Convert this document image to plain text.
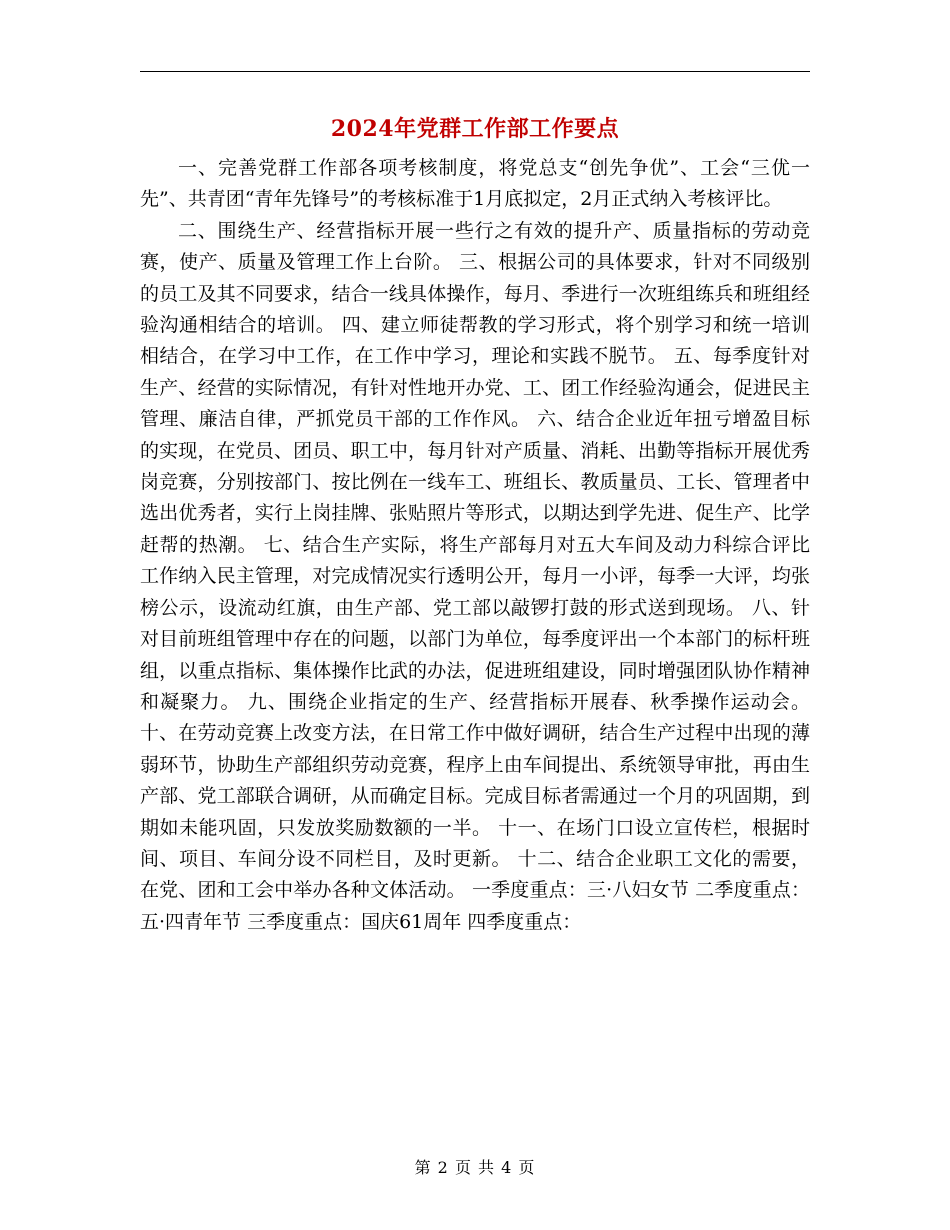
2024年党群工作部工作要点

一、完善党群工作部各项考核制度，将党总支“创先争优”、工会“三优一先”、共青团“青年先锋号”的考核标准于1月底拟定，2月正式纳入考核评比。

二、围绕生产、经营指标开展一些行之有效的提升产、质量指标的劳动竞赛，使产、质量及管理工作上台阶。 三、根据公司的具体要求，针对不同级别的员工及其不同要求，结合一线具体操作，每月、季进行一次班组练兵和班组经验沟通相结合的培训。 四、建立师徒帮教的学习形式，将个别学习和统一培训相结合，在学习中工作，在工作中学习，理论和实践不脱节。 五、每季度针对生产、经营的实际情况，有针对性地开办党、工、团工作经验沟通会，促进民主管理、廉洁自律，严抓党员干部的工作作风。 六、结合企业近年扭亏增盈目标的实现，在党员、团员、职工中，每月针对产质量、消耗、出勤等指标开展优秀岗竞赛，分别按部门、按比例在一线车工、班组长、教质量员、工长、管理者中选出优秀者，实行上岗挂牌、张贴照片等形式，以期达到学先进、促生产、比学赶帮的热潮。 七、结合生产实际，将生产部每月对五大车间及动力科综合评比工作纳入民主管理，对完成情况实行透明公开，每月一小评，每季一大评，均张榜公示，设流动红旗，由生产部、党工部以敲锣打鼓的形式送到现场。 八、针对目前班组管理中存在的问题，以部门为单位，每季度评出一个本部门的标杆班组，以重点指标、集体操作比武的办法，促进班组建设，同时增强团队协作精神和凝聚力。 九、围绕企业指定的生产、经营指标开展春、秋季操作运动会。 十、在劳动竞赛上改变方法，在日常工作中做好调研，结合生产过程中出现的薄弱环节，协助生产部组织劳动竞赛，程序上由车间提出、系统领导审批，再由生产部、党工部联合调研，从而确定目标。完成目标者需通过一个月的巩固期，到期如未能巩固，只发放奖励数额的一半。 十一、在场门口设立宣传栏，根据时间、项目、车间分设不同栏目，及时更新。 十二、结合企业职工文化的需要，在党、团和工会中举办各种文体活动。 一季度重点：三·八妇女节 二季度重点：五·四青年节 三季度重点：国庆61周年 四季度重点：

第 2 页 共 4 页
